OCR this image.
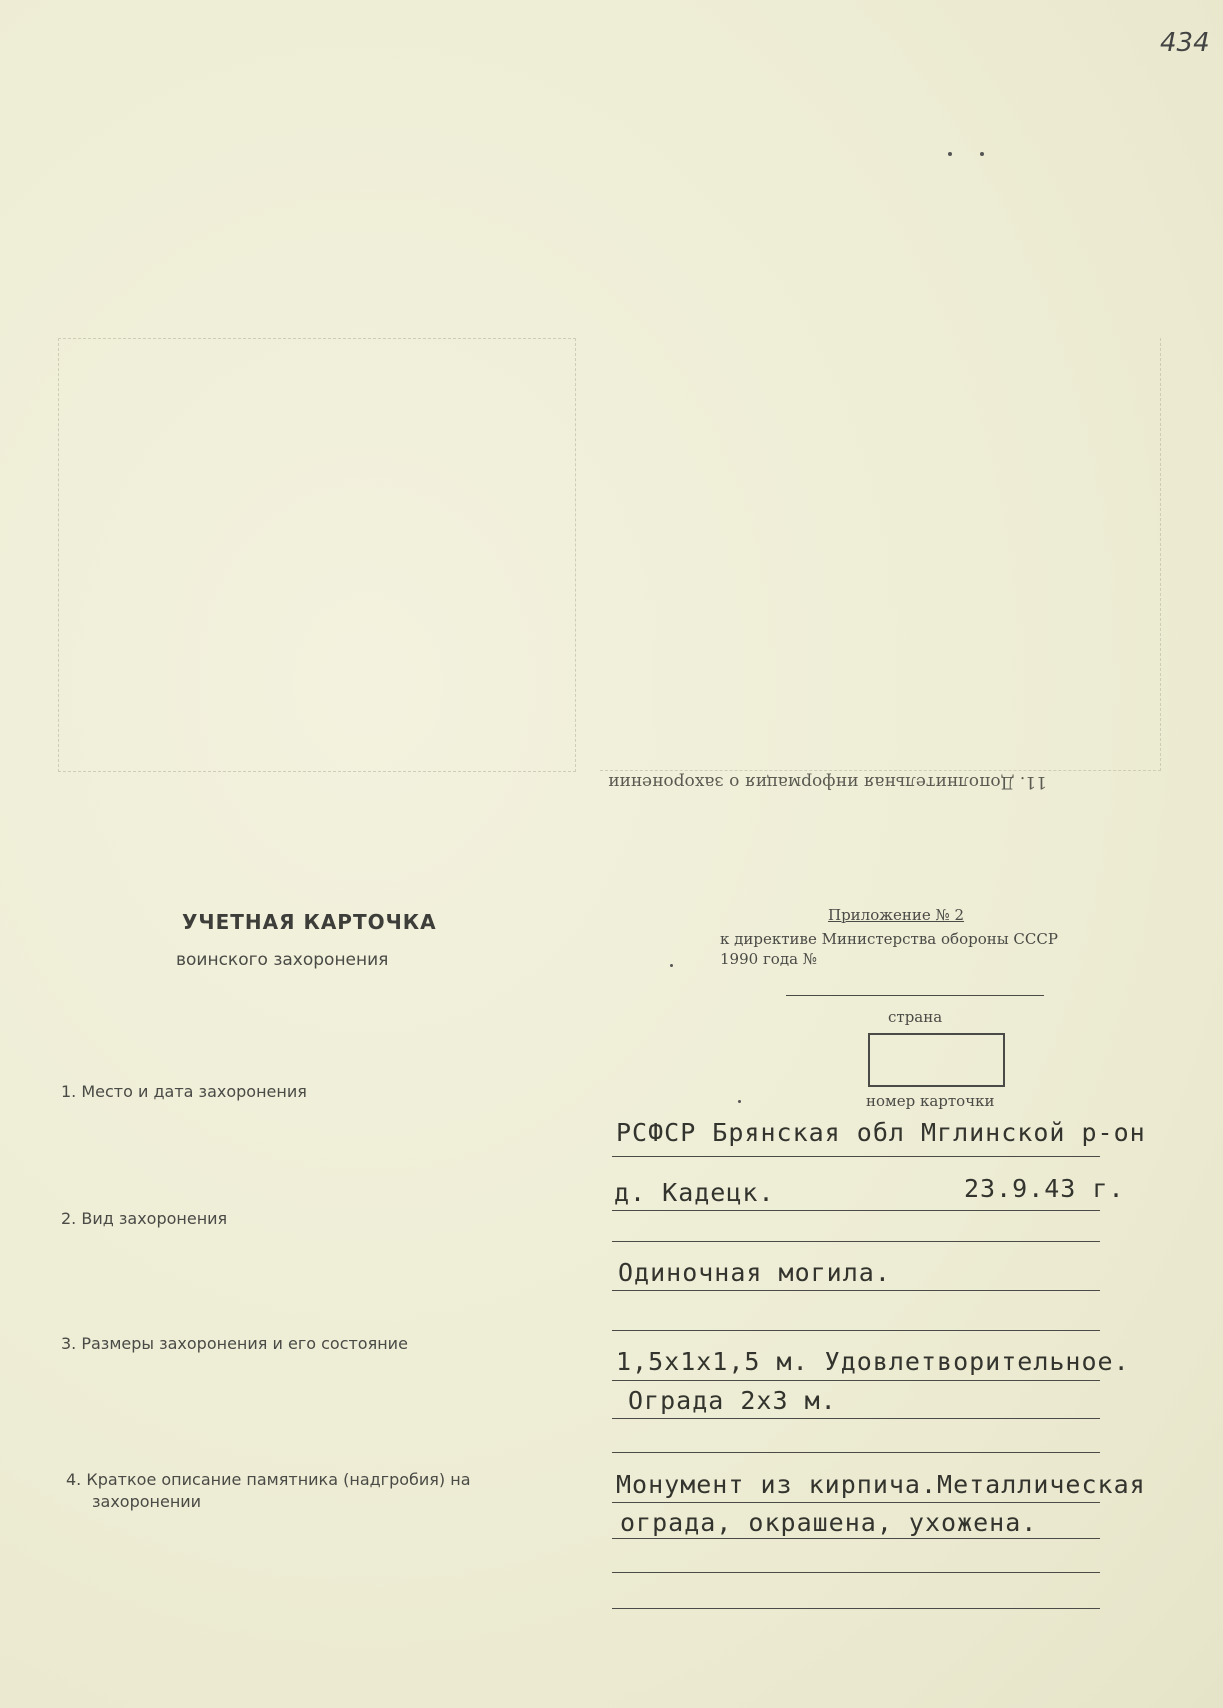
434
11. Дополнительная информация о захоронении
Приложение № 2
к директиве Министерства обороны СССР
1990 года №
УЧЕТНАЯ КАРТОЧКА
воинского захоронения
страна
номер карточки
1. Место и дата захоронения
РСФСР Брянская обл Мглинской р-он
д. Кадецк.	23.9.43 г.
2. Вид захоронения
Одиночная могила.
3. Размеры захоронения и его состояние
1,5х1х1,5 м. Удовлетворительное.
Ограда 2х3 м.
4. Краткое описание памятника (надгробия) на
захоронении
Монумент из кирпича.Металлическая
ограда, окрашена, ухожена.
